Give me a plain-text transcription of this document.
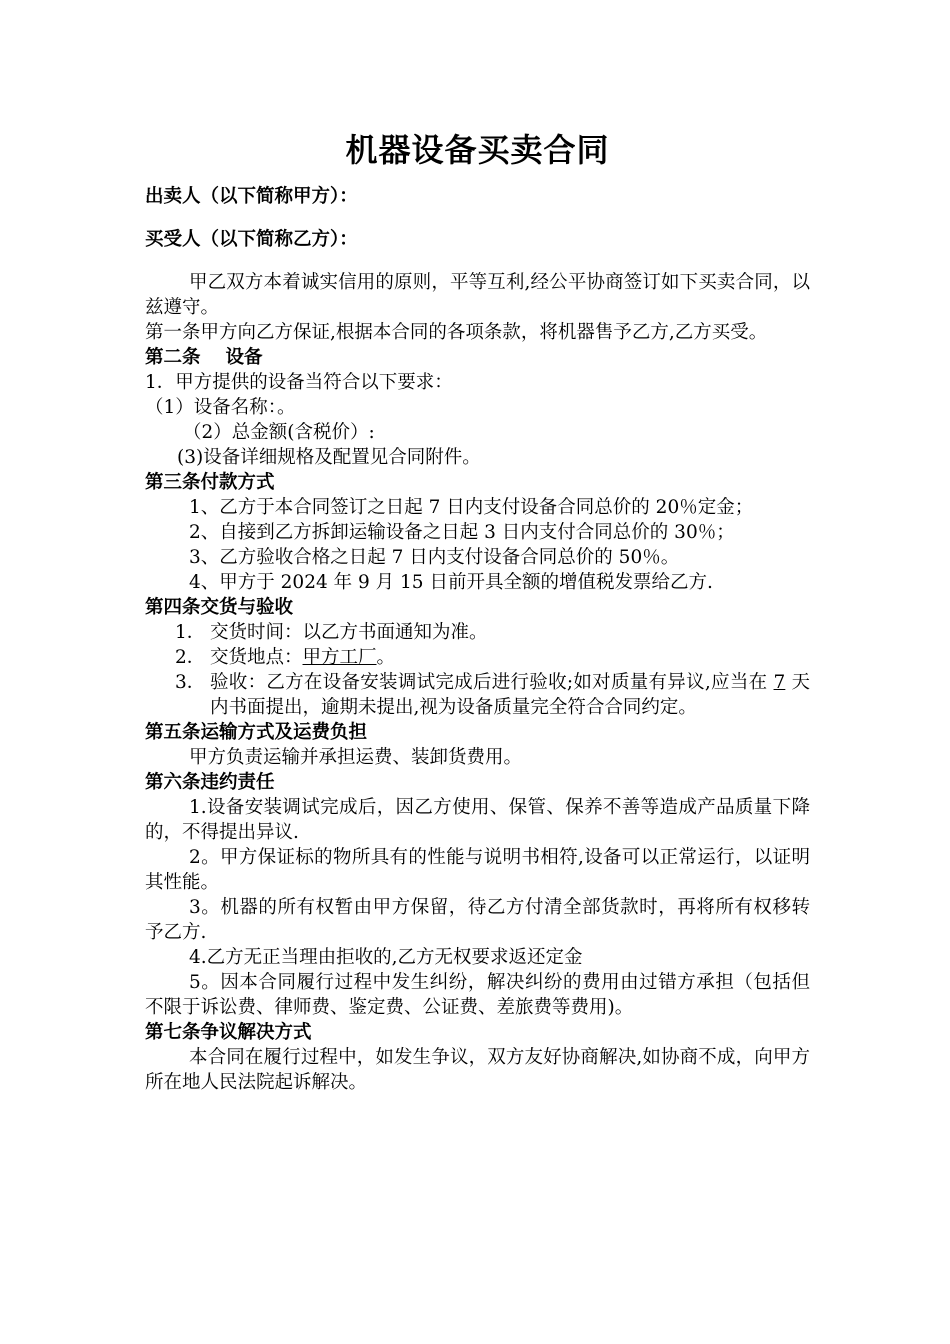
机器设备买卖合同

出卖人（以下简称甲方）：

买受人（以下简称乙方）：

甲乙双方本着诚实信用的原则，平等互利,经公平协商签订如下买卖合同，以兹遵守。

第一条甲方向乙方保证,根据本合同的各项条款，将机器售予乙方,乙方买受。

第二条　 设备

1．甲方提供的设备当符合以下要求：

（1）设备名称：。

（2）总金额(含税价）:

(3)设备详细规格及配置见合同附件。

第三条付款方式

1、乙方于本合同签订之日起 7 日内支付设备合同总价的 20％定金；

2、自接到乙方拆卸运输设备之日起 3 日内支付合同总价的 30％；

3、乙方验收合格之日起 7 日内支付设备合同总价的 50％。

4、甲方于 2024 年 9 月 15 日前开具全额的增值税发票给乙方.

第四条交货与验收

1． 交货时间：以乙方书面通知为准。
2． 交货地点：甲方工厂。
3． 验收：乙方在设备安装调试完成后进行验收;如对质量有异议,应当在 7 天内书面提出，逾期未提出,视为设备质量完全符合合同约定。

第五条运输方式及运费负担

甲方负责运输并承担运费、装卸货费用。

第六条违约责任

1.设备安装调试完成后，因乙方使用、保管、保养不善等造成产品质量下降的，不得提出异议.

2。甲方保证标的物所具有的性能与说明书相符,设备可以正常运行，以证明其性能。

3。机器的所有权暂由甲方保留，待乙方付清全部货款时，再将所有权移转予乙方.

4.乙方无正当理由拒收的,乙方无权要求返还定金

5。因本合同履行过程中发生纠纷，解决纠纷的费用由过错方承担（包括但不限于诉讼费、律师费、鉴定费、公证费、差旅费等费用)。

第七条争议解决方式

本合同在履行过程中，如发生争议，双方友好协商解决,如协商不成，向甲方所在地人民法院起诉解决。
